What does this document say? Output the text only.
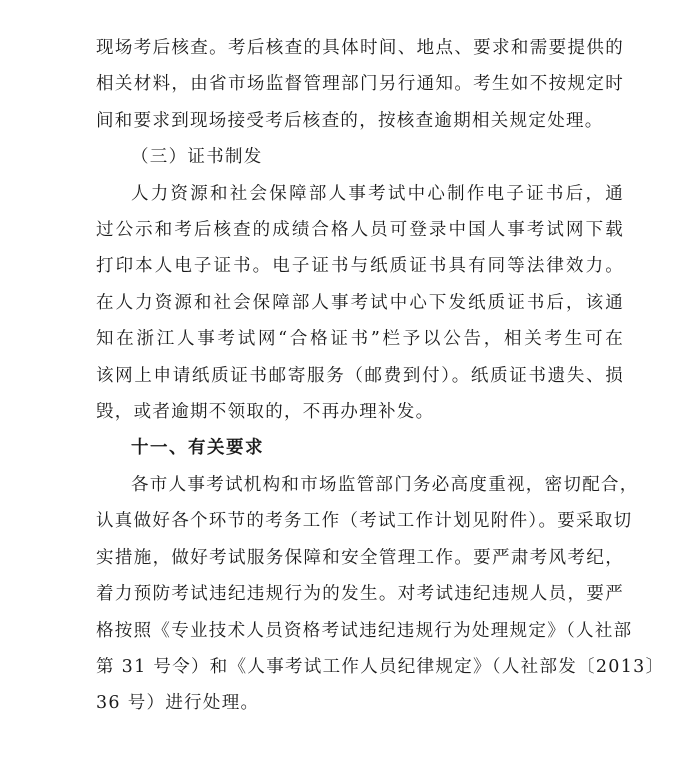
现场考后核查。考后核查的具体时间、地点、要求和需要提供的
相关材料，由省市场监督管理部门另行通知。考生如不按规定时
间和要求到现场接受考后核查的，按核查逾期相关规定处理。
（三）证书制发
人力资源和社会保障部人事考试中心制作电子证书后，通
过公示和考后核查的成绩合格人员可登录中国人事考试网下载
打印本人电子证书。电子证书与纸质证书具有同等法律效力。
在人力资源和社会保障部人事考试中心下发纸质证书后，该通
知在浙江人事考试网“合格证书”栏予以公告，相关考生可在
该网上申请纸质证书邮寄服务（邮费到付）。纸质证书遗失、损
毁，或者逾期不领取的，不再办理补发。
十一、有关要求
各市人事考试机构和市场监管部门务必高度重视，密切配合，
认真做好各个环节的考务工作（考试工作计划见附件）。要采取切
实措施，做好考试服务保障和安全管理工作。要严肃考风考纪，
着力预防考试违纪违规行为的发生。对考试违纪违规人员，要严
格按照《专业技术人员资格考试违纪违规行为处理规定》（人社部
第 31 号令）和《人事考试工作人员纪律规定》（人社部发〔2013〕
36 号）进行处理。
